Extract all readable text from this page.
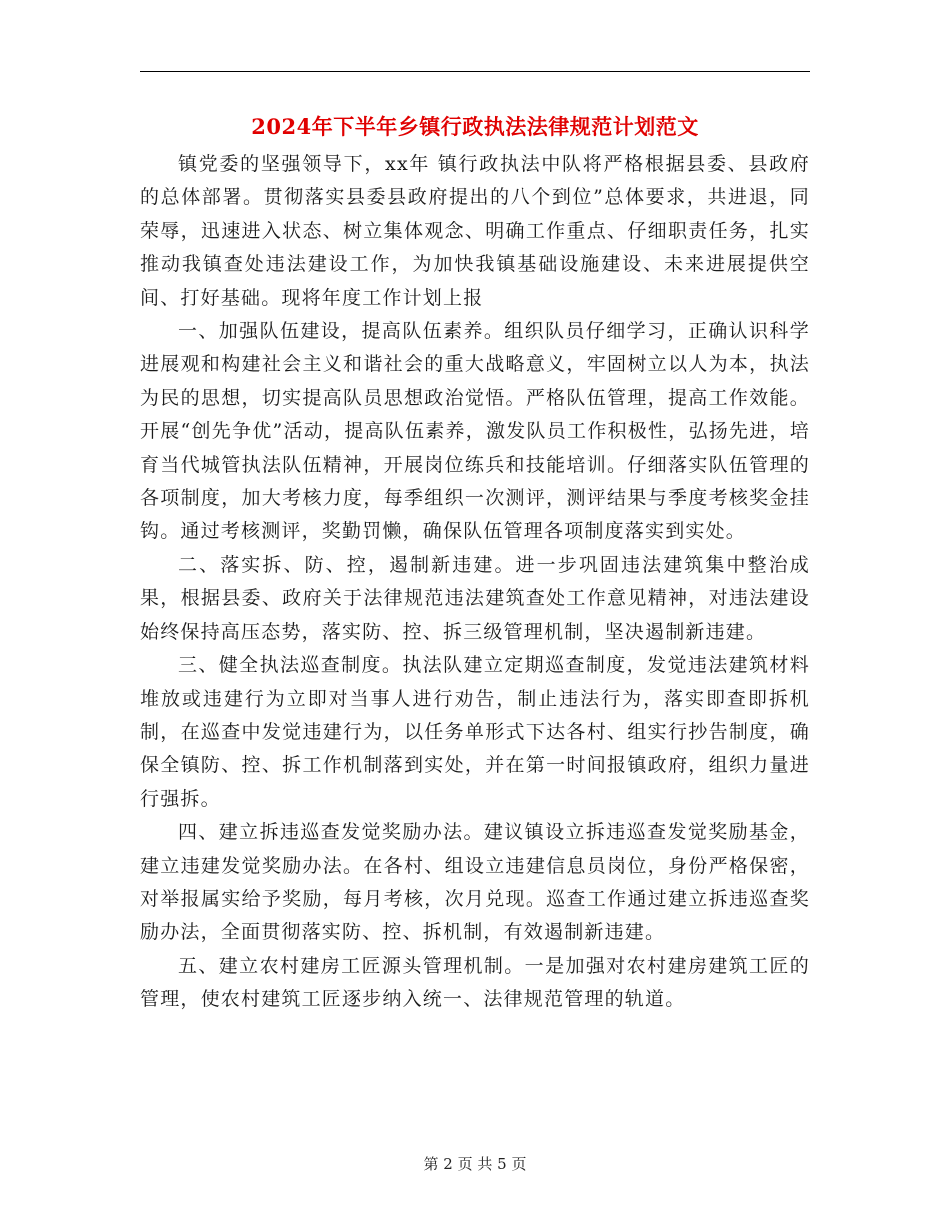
2024年下半年乡镇行政执法法律规范计划范文

镇党委的坚强领导下，xx年 镇行政执法中队将严格根据县委、县政府的总体部署。贯彻落实县委县政府提出的八个到位”总体要求，共进退，同荣辱，迅速进入状态、树立集体观念、明确工作重点、仔细职责任务，扎实推动我镇查处违法建设工作，为加快我镇基础设施建设、未来进展提供空间、打好基础。现将年度工作计划上报

一、加强队伍建设，提高队伍素养。组织队员仔细学习，正确认识科学进展观和构建社会主义和谐社会的重大战略意义，牢固树立以人为本，执法为民的思想，切实提高队员思想政治觉悟。严格队伍管理，提高工作效能。开展“创先争优”活动，提高队伍素养，激发队员工作积极性，弘扬先进，培育当代城管执法队伍精神，开展岗位练兵和技能培训。仔细落实队伍管理的各项制度，加大考核力度，每季组织一次测评，测评结果与季度考核奖金挂钩。通过考核测评，奖勤罚懒，确保队伍管理各项制度落实到实处。

二、落实拆、防、控，遏制新违建。进一步巩固违法建筑集中整治成果，根据县委、政府关于法律规范违法建筑查处工作意见精神，对违法建设始终保持高压态势，落实防、控、拆三级管理机制，坚决遏制新违建。

三、健全执法巡查制度。执法队建立定期巡查制度，发觉违法建筑材料堆放或违建行为立即对当事人进行劝告，制止违法行为，落实即查即拆机制，在巡查中发觉违建行为，以任务单形式下达各村、组实行抄告制度，确保全镇防、控、拆工作机制落到实处，并在第一时间报镇政府，组织力量进行强拆。

四、建立拆违巡查发觉奖励办法。建议镇设立拆违巡查发觉奖励基金，建立违建发觉奖励办法。在各村、组设立违建信息员岗位，身份严格保密，对举报属实给予奖励，每月考核，次月兑现。巡查工作通过建立拆违巡查奖励办法，全面贯彻落实防、控、拆机制，有效遏制新违建。

五、建立农村建房工匠源头管理机制。一是加强对农村建房建筑工匠的管理，使农村建筑工匠逐步纳入统一、法律规范管理的轨道。

第 2 页 共 5 页
